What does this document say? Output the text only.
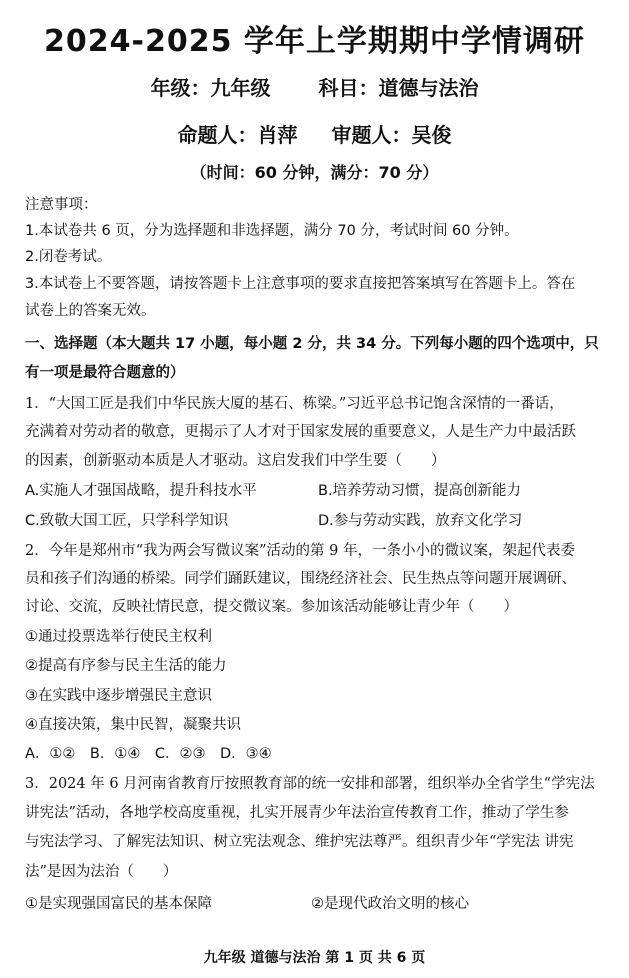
2024-2025 学年上学期期中学情调研
年级：九年级 科目：道德与法治
命题人：肖萍 审题人：吴俊
（时间：60 分钟，满分：70 分）
注意事项：
1.本试卷共 6 页，分为选择题和非选择题，满分 70 分，考试时间 60 分钟。
2.闭卷考试。
3.本试卷上不要答题，请按答题卡上注意事项的要求直接把答案填写在答题卡上。答在
试卷上的答案无效。
一、选择题（本大题共 17 小题，每小题 2 分，共 34 分。下列每小题的四个选项中，只
有一项是最符合题意的）
1．“大国工匠是我们中华民族大厦的基石、栋梁。”习近平总书记饱含深情的一番话，
充满着对劳动者的敬意，更揭示了人才对于国家发展的重要意义，人是生产力中最活跃
的因素，创新驱动本质是人才驱动。这启发我们中学生要（　　）
A.实施人才强国战略，提升科技水平	B.培养劳动习惯，提高创新能力
C.致敬大国工匠，只学科学知识	D.参与劳动实践，放弃文化学习
2．今年是郑州市“我为两会写微议案”活动的第 9 年，一条小小的微议案，架起代表委
员和孩子们沟通的桥梁。同学们踊跃建议，围绕经济社会、民生热点等问题开展调研、
讨论、交流，反映社情民意，提交微议案。参加该活动能够让青少年（　　）
①通过投票选举行使民主权利
②提高有序参与民主生活的能力
③在实践中逐步增强民主意识
④直接决策，集中民智，凝聚共识
A．①②　B．①④　C．②③　D．③④
3．2024 年 6 月河南省教育厅按照教育部的统一安排和部署，组织举办全省学生“学宪法
讲宪法”活动，各地学校高度重视，扎实开展青少年法治宣传教育工作，推动了学生参
与宪法学习、了解宪法知识、树立宪法观念、维护宪法尊严。组织青少年“学宪法 讲宪
法”是因为法治（　　）
①是实现强国富民的基本保障	②是现代政治文明的核心
九年级 道德与法治 第 1 页 共 6 页
